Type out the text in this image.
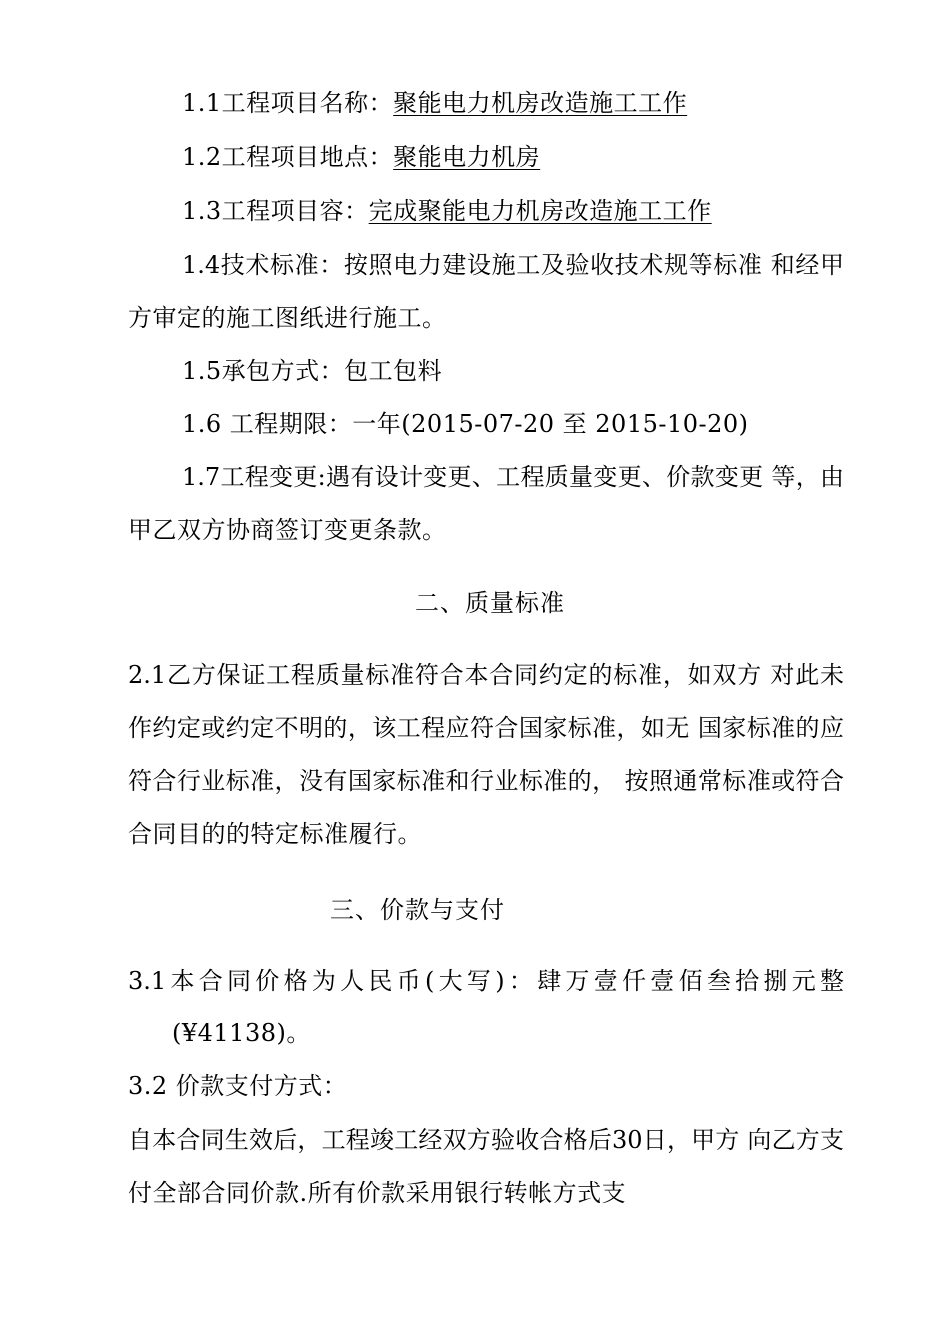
1.1工程项目名称：聚能电力机房改造施工工作
1.2工程项目地点：聚能电力机房
1.3工程项目容：完成聚能电力机房改造施工工作
1.4技术标准：按照电力建设施工及验收技术规等标准 和经甲
方审定的施工图纸进行施工。
1.5承包方式：包工包料
1.6 工程期限：一年(2015-07-20 至 2015-10-20)
1.7工程变更:遇有设计变更、工程质量变更、价款变更 等，由
甲乙双方协商签订变更条款。
二、质量标准
2.1乙方保证工程质量标准符合本合同约定的标准，如双方 对此未
作约定或约定不明的，该工程应符合国家标准，如无 国家标准的应
符合行业标准，没有国家标准和行业标准的， 按照通常标准或符合
合同目的的特定标准履行。
三、价款与支付
3.1本合同价格为人民币(大写)：肆万壹仟壹佰叁拾捌元整
(¥41138)。
3.2 价款支付方式：
自本合同生效后，工程竣工经双方验收合格后30日，甲方 向乙方支
付全部合同价款.所有价款采用银行转帐方式支
